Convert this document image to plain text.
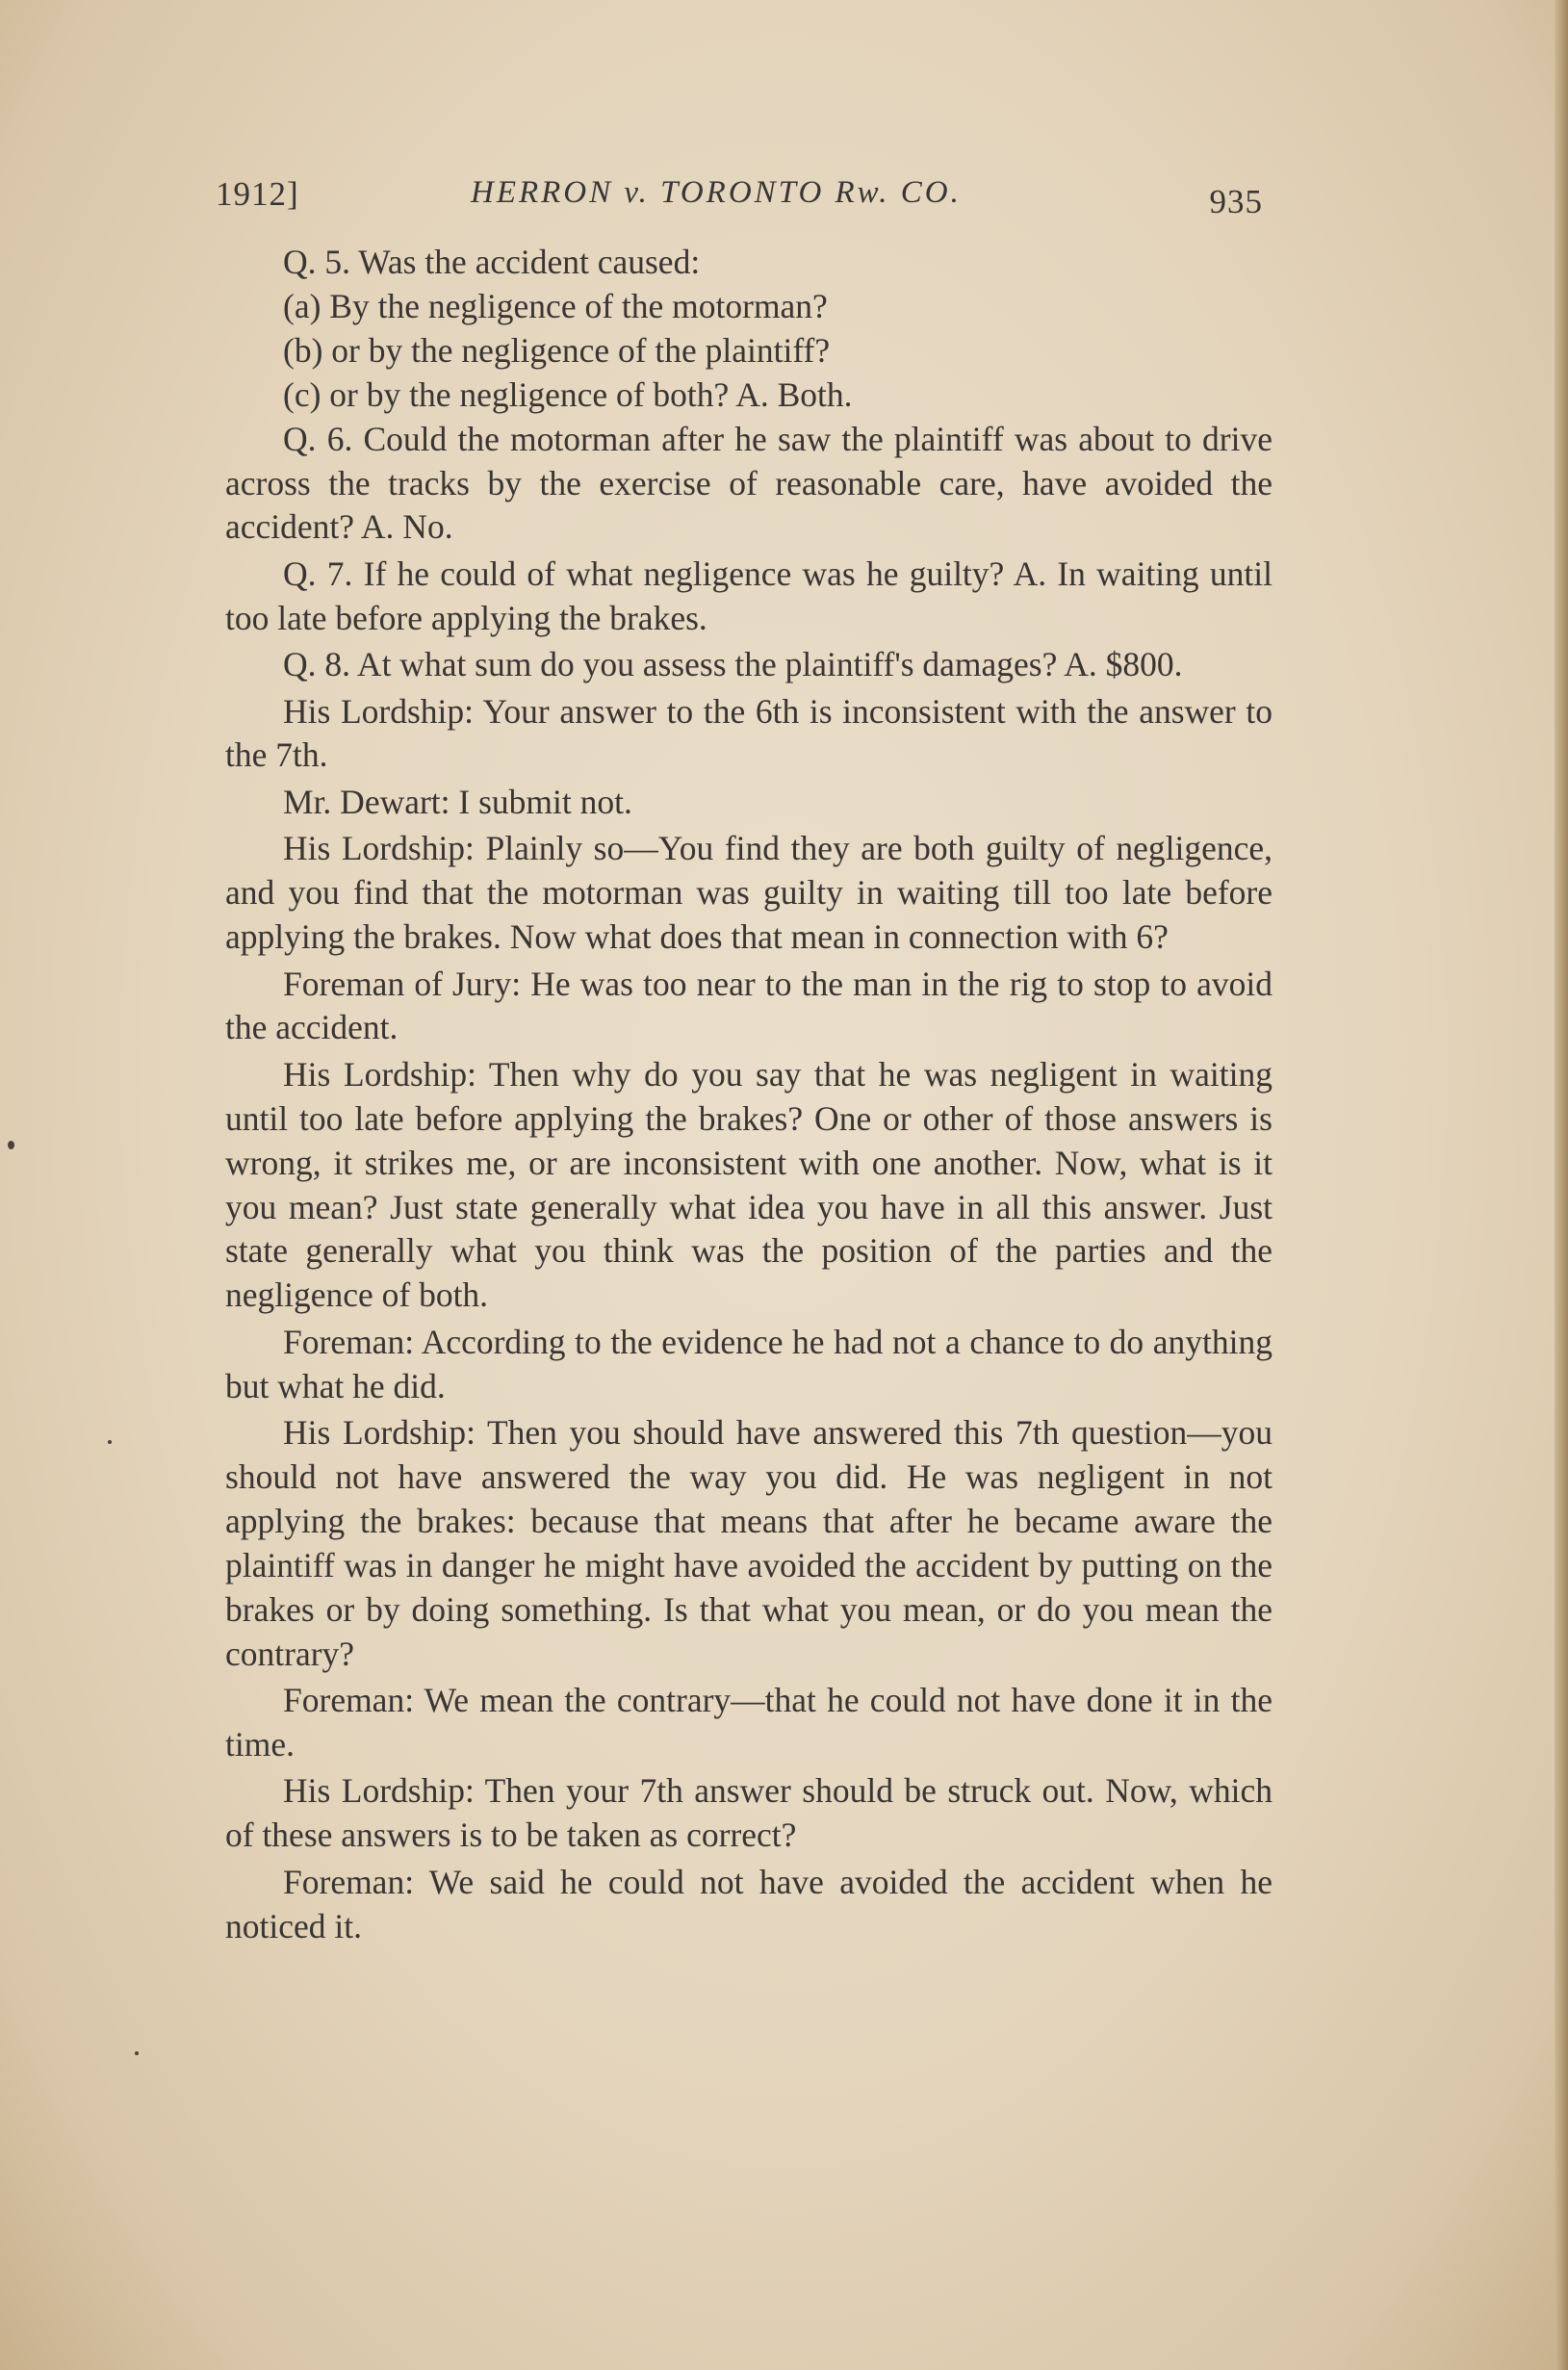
1912]	HERRON v. TORONTO Rw. CO.	935

Q. 5. Was the accident caused:

(a) By the negligence of the motorman?

(b) or by the negligence of the plaintiff?

(c) or by the negligence of both? A. Both.

Q. 6. Could the motorman after he saw the plaintiff was about to drive across the tracks by the exercise of reasonable care, have avoided the accident? A. No.

Q. 7. If he could of what negligence was he guilty? A. In waiting until too late before applying the brakes.

Q. 8. At what sum do you assess the plaintiff's damages? A. $800.

His Lordship: Your answer to the 6th is inconsistent with the answer to the 7th.

Mr. Dewart: I submit not.

His Lordship: Plainly so—You find they are both guilty of negligence, and you find that the motorman was guilty in waiting till too late before applying the brakes. Now what does that mean in connection with 6?

Foreman of Jury: He was too near to the man in the rig to stop to avoid the accident.

His Lordship: Then why do you say that he was negligent in waiting until too late before applying the brakes? One or other of those answers is wrong, it strikes me, or are inconsistent with one another. Now, what is it you mean? Just state generally what idea you have in all this answer. Just state generally what you think was the position of the parties and the negligence of both.

Foreman: According to the evidence he had not a chance to do anything but what he did.

His Lordship: Then you should have answered this 7th question—you should not have answered the way you did. He was negligent in not applying the brakes: because that means that after he became aware the plaintiff was in danger he might have avoided the accident by putting on the brakes or by doing something. Is that what you mean, or do you mean the contrary?

Foreman: We mean the contrary—that he could not have done it in the time.

His Lordship: Then your 7th answer should be struck out. Now, which of these answers is to be taken as correct?

Foreman: We said he could not have avoided the accident when he noticed it.
